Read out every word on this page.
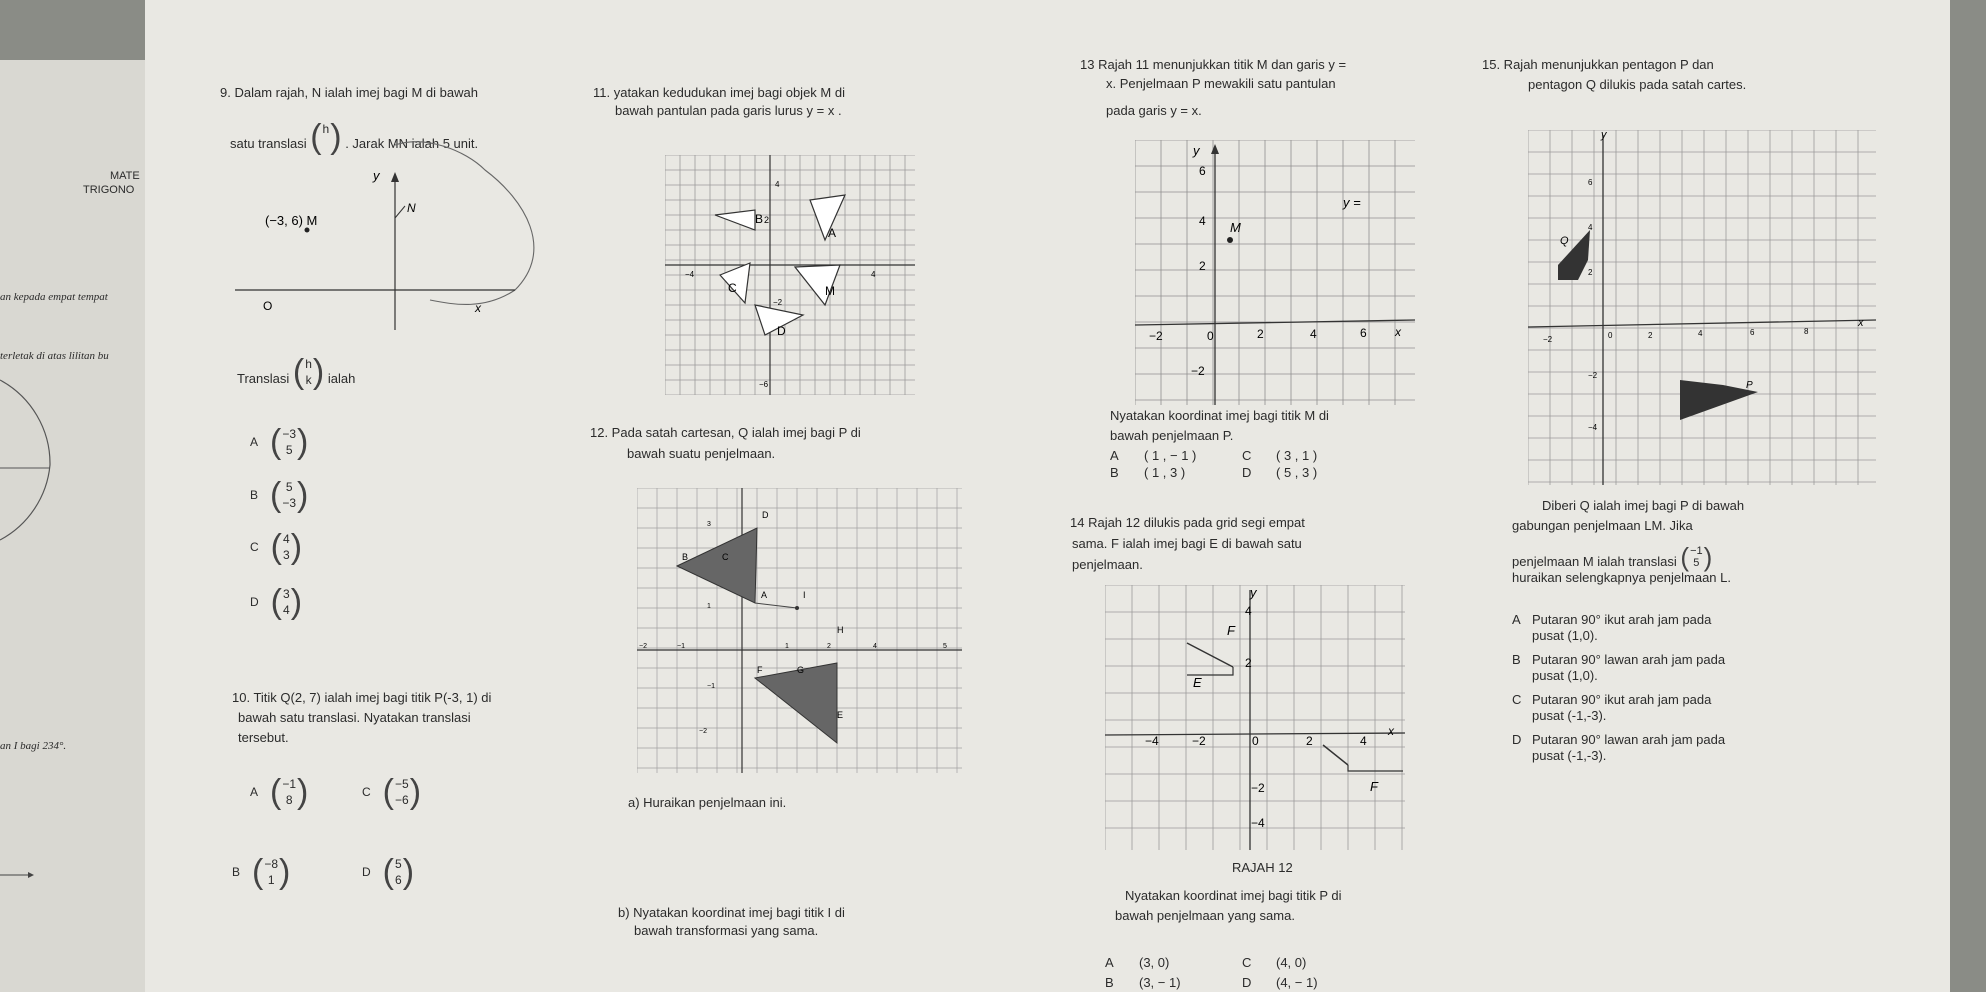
MATE
TRIGONO
an kepada empat tempat
terletak di atas lilitan bu
an I bagi 234°.
9. Dalam rajah, N ialah imej bagi M di bawah
satu translasi ( h
) . Jarak MN ialah 5 unit.
y
x
(−3, 6) M
N
O
Translasi ( h
k ) ialah
A ( −3
5 )
B ( 5
−3 )
C ( 4
3 )
D ( 3
4 )
10. Titik Q(2, 7) ialah imej bagi titik P(-3, 1) di
bawah satu translasi. Nyatakan translasi
tersebut.
A ( −1
8 )	C ( −5
−6 )
B ( −8
1 )	D ( 5
6 )
11. yatakan kedudukan imej bagi objek M di
bawah pantulan pada garis lurus y = x .
B 2
A
C	M
D
4
−2
−6
−4	4
12. Pada satah cartesan, Q ialah imej bagi P di
bawah suatu penjelmaan.
D
B	C
A	I
H
E
F	G
3
1
−1
−2
−2	−1	1	2	4	5
a) Huraikan penjelmaan ini.
b) Nyatakan koordinat imej bagi titik I di
bawah transformasi yang sama.
13 Rajah 11 menunjukkan titik M dan garis y =
x. Penjelmaan P mewakili satu pantulan
pada garis y = x.
y
6
4
2
−2
−2	0	2	4	6 x
M
y =
Nyatakan koordinat imej bagi titik M di
bawah penjelmaan P.
A ( 1 , − 1 )	C ( 3 , 1 )
B ( 1 , 3 )	D ( 5 , 3 )
14 Rajah 12 dilukis pada grid segi empat
sama. F ialah imej bagi E di bawah satu
penjelmaan.
y
4
2
−2
−4
−4	−2	0	2	4
x
F
E
F
RAJAH 12
Nyatakan koordinat imej bagi titik P di
bawah penjelmaan yang sama.
A (3, 0)	C (4, 0)
B (3, − 1)	D (4, − 1)
15. Rajah menunjukkan pentagon P dan
pentagon Q dilukis pada satah cartes.
y
6
4
2
−2
−4
−2	0	2	4	6	8
x
Q
P
Diberi Q ialah imej bagi P di bawah
gabungan penjelmaan LM. Jika
penjelmaan M ialah translasi ( −1
5 )
huraikan selengkapnya penjelmaan L.
A Putaran 90° ikut arah jam pada
pusat (1,0).
B Putaran 90° lawan arah jam pada
pusat (1,0).
C Putaran 90° ikut arah jam pada
pusat (-1,-3).
D Putaran 90° lawan arah jam pada
pusat (-1,-3).
